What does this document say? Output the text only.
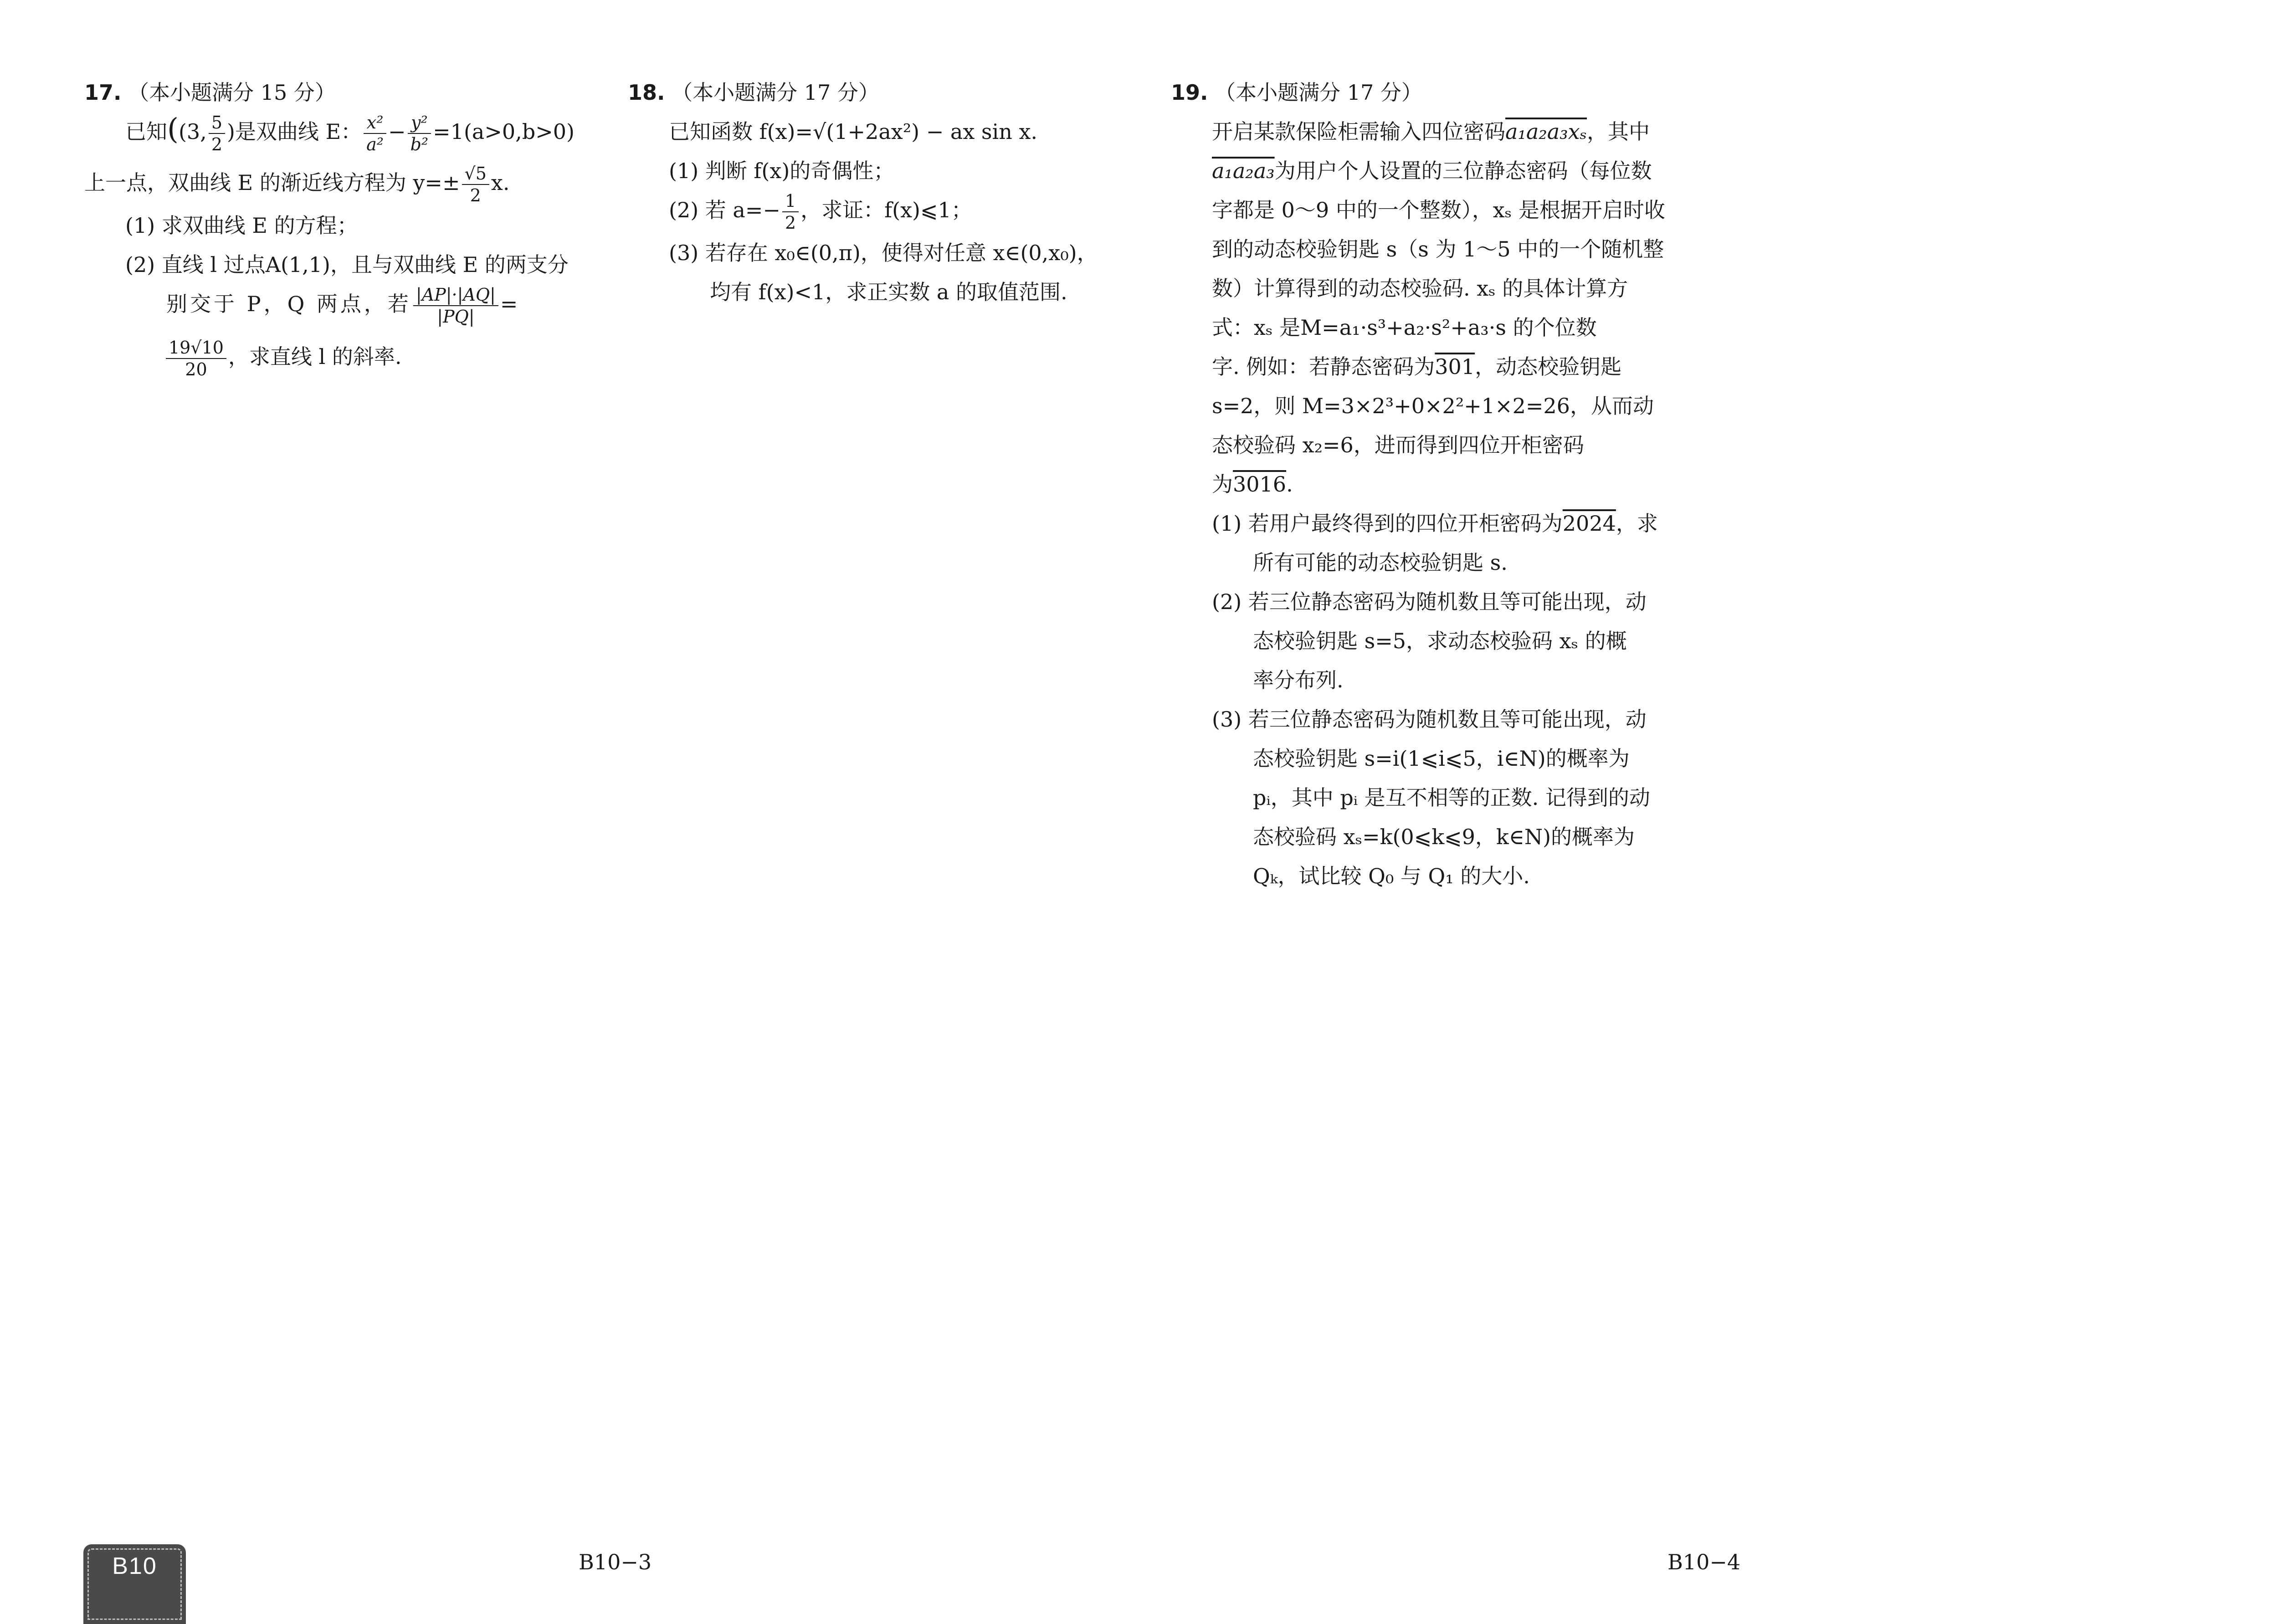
17. （本小题满分 15 分）
已知((3, $\frac{5}{2}$ )是双曲线 E： $\frac{\text{x²}}{\text{a²}} - \frac{\text{y²}}{\text{b²}} =1(a>0,b>0)$
上一点，双曲线 E 的渐近线方程为 $y=\pm \frac{√5}{2} x$.
(1) 求双曲线 E 的方程；
(2) 直线 l 过点A(1,1)，且与双曲线 E 的两支分
别交于 P，Q 两点，若 $\frac{|AP|\cdot|AQ|}{|PQ|}$ =
$\frac{19√10}{20}$ ，求直线 l 的斜率.
18. （本小题满分 17 分）
已知函数 f(x)=√(1+2ax²) − ax sin x.
(1) 判断 f(x)的奇偶性；
(2) 若 $a=- \frac{1}{2}$ ，求证：f(x)⩽1；
(3) 若存在 x₀∈(0,π)，使得对任意 x∈(0,x₀)，
均有 f(x)<1，求正实数 a 的取值范围.
19. （本小题满分 17 分）
开启某款保险柜需输入四位密码a₁a₂a₃xₛ，其中
a₁a₂a₃为用户个人设置的三位静态密码（每位数
字都是 0～9 中的一个整数），xₛ 是根据开启时收
到的动态校验钥匙 s（s 为 1～5 中的一个随机整
数）计算得到的动态校验码. xₛ 的具体计算方
式：xₛ 是M=a₁·s³+a₂·s²+a₃·s 的个位数
字. 例如：若静态密码为301，动态校验钥匙
s=2，则 M=3×2³+0×2²+1×2=26，从而动
态校验码 x₂=6，进而得到四位开柜密码
为3016.
(1) 若用户最终得到的四位开柜密码为2024，求
所有可能的动态校验钥匙 s.
(2) 若三位静态密码为随机数且等可能出现，动
态校验钥匙 s=5，求动态校验码 xₛ 的概
率分布列.
(3) 若三位静态密码为随机数且等可能出现，动
态校验钥匙 s=i(1⩽i⩽5，i∈N)的概率为
pᵢ，其中 pᵢ 是互不相等的正数. 记得到的动
态校验码 xₛ=k(0⩽k⩽9，k∈N)的概率为
Qₖ，试比较 Q₀ 与 Q₁ 的大小.
B10−3	B10−4
B10
